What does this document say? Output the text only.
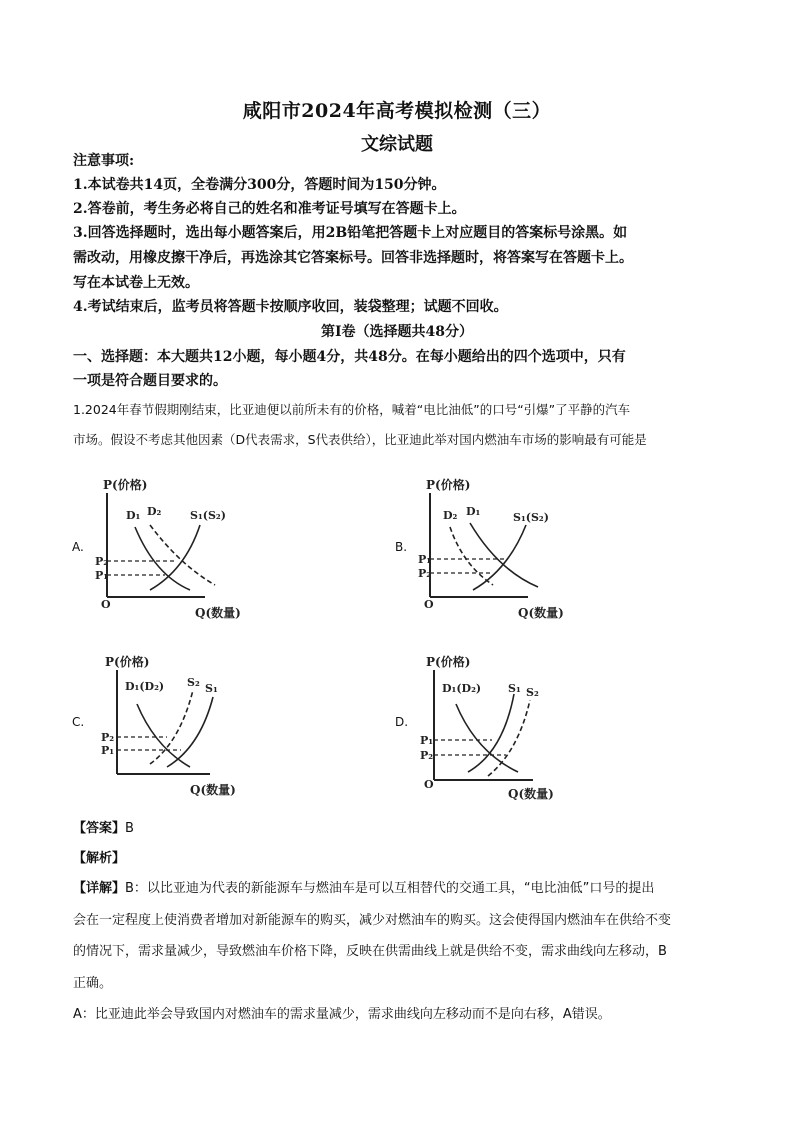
咸阳市2024年高考模拟检测（三）
文综试题
注意事项:
1.本试卷共14页，全卷满分300分，答题时间为150分钟。
2.答卷前，考生务必将自己的姓名和准考证号填写在答题卡上。
3.回答选择题时，选出每小题答案后，用2B铅笔把答题卡上对应题目的答案标号涂黑。如
需改动，用橡皮擦干净后，再选涂其它答案标号。回答非选择题时，将答案写在答题卡上。
写在本试卷上无效。
4.考试结束后，监考员将答题卡按顺序收回，装袋整理；试题不回收。
第Ⅰ卷（选择题共48分）
一、选择题：本大题共12小题，每小题4分，共48分。在每小题给出的四个选项中，只有
一项是符合题目要求的。
1.2024年春节假期刚结束，比亚迪便以前所未有的价格，喊着“电比油低”的口号“引爆”了平静的汽车
市场。假设不考虑其他因素（D代表需求，S代表供给），比亚迪此举对国内燃油车市场的影响最有可能是
A.
P(价格)
Q(数量)
O
D₁ D₂	S₁(S₂)
P₂
P₁
B.
P(价格)
Q(数量)
O
D₂ D₁	S₁(S₂)
P₁
P₂
C.
P(价格)
Q(数量)
D₁(D₂) S₂ S₁
P₂
P₁
D.
P(价格)
Q(数量)
O
D₁(D₂) S₁ S₂
P₁
P₂
【答案】B
【解析】
【详解】B：以比亚迪为代表的新能源车与燃油车是可以互相替代的交通工具，“电比油低”口号的提出
会在一定程度上使消费者增加对新能源车的购买，减少对燃油车的购买。这会使得国内燃油车在供给不变
的情况下，需求量减少，导致燃油车价格下降，反映在供需曲线上就是供给不变，需求曲线向左移动，B
正确。
A：比亚迪此举会导致国内对燃油车的需求量减少，需求曲线向左移动而不是向右移，A错误。
